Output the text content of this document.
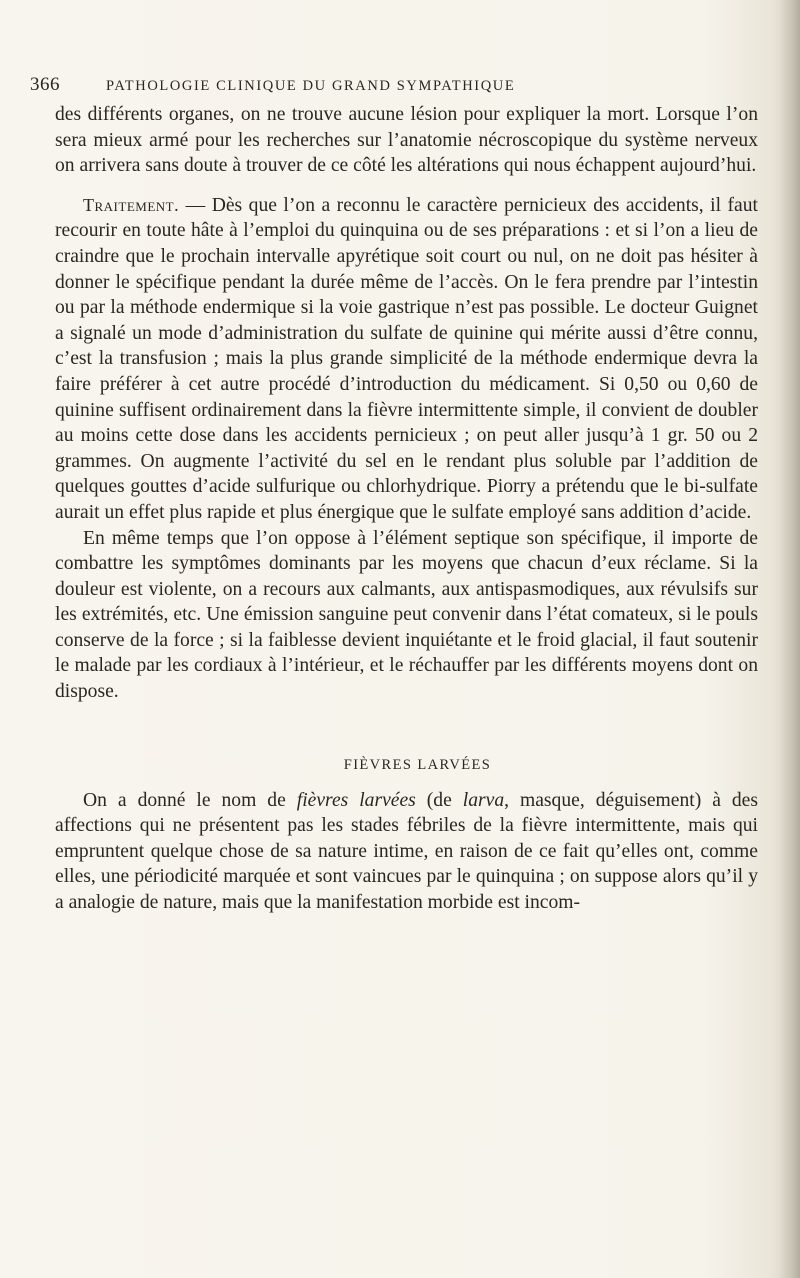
366	PATHOLOGIE CLINIQUE DU GRAND SYMPATHIQUE

des différents organes, on ne trouve aucune lésion pour expliquer la mort. Lorsque l’on sera mieux armé pour les recherches sur l’anatomie nécroscopique du système nerveux on arrivera sans doute à trouver de ce côté les altérations qui nous échappent aujourd’hui.

Traitement. — Dès que l’on a reconnu le caractère pernicieux des accidents, il faut recourir en toute hâte à l’emploi du quinquina ou de ses préparations : et si l’on a lieu de craindre que le prochain intervalle apyrétique soit court ou nul, on ne doit pas hésiter à donner le spécifique pendant la durée même de l’accès. On le fera prendre par l’intestin ou par la méthode endermique si la voie gastrique n’est pas possible. Le docteur Guignet a signalé un mode d’administration du sulfate de quinine qui mérite aussi d’être connu, c’est la transfusion ; mais la plus grande simplicité de la méthode endermique devra la faire préférer à cet autre procédé d’introduction du médicament. Si 0,50 ou 0,60 de quinine suffisent ordinairement dans la fièvre intermittente simple, il convient de doubler au moins cette dose dans les accidents pernicieux ; on peut aller jusqu’à 1 gr. 50 ou 2 grammes. On augmente l’activité du sel en le rendant plus soluble par l’addition de quelques gouttes d’acide sulfurique ou chlorhydrique. Piorry a prétendu que le bi-sulfate aurait un effet plus rapide et plus énergique que le sulfate employé sans addition d’acide.

En même temps que l’on oppose à l’élément septique son spécifique, il importe de combattre les symptômes dominants par les moyens que chacun d’eux réclame. Si la douleur est violente, on a recours aux calmants, aux antispasmodiques, aux révulsifs sur les extrémités, etc. Une émission sanguine peut convenir dans l’état comateux, si le pouls conserve de la force ; si la faiblesse devient inquiétante et le froid glacial, il faut soutenir le malade par les cordiaux à l’intérieur, et le réchauffer par les différents moyens dont on dispose.

FIÈVRES LARVÉES

On a donné le nom de fièvres larvées (de larva, masque, déguisement) à des affections qui ne présentent pas les stades fébriles de la fièvre intermittente, mais qui empruntent quelque chose de sa nature intime, en raison de ce fait qu’elles ont, comme elles, une périodicité marquée et sont vaincues par le quinquina ; on suppose alors qu’il y a analogie de nature, mais que la manifestation morbide est incom-
